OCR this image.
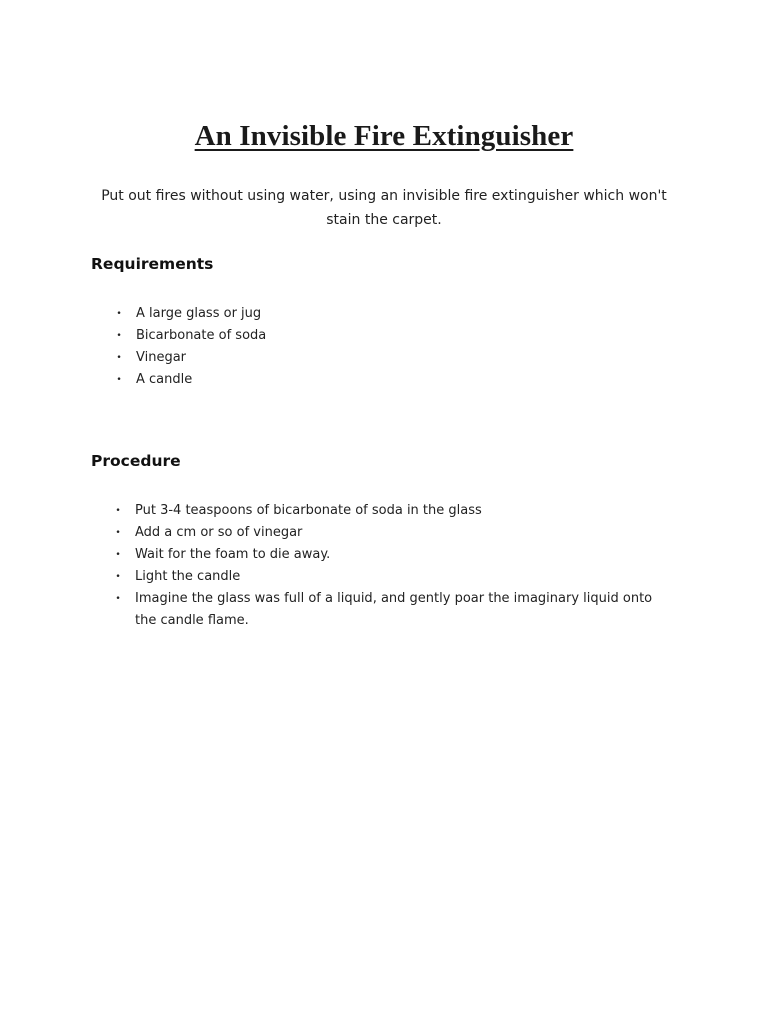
An Invisible Fire Extinguisher

Put out fires without using water, using an invisible fire extinguisher which won't stain the carpet.

Requirements
• A large glass or jug
• Bicarbonate of soda
• Vinegar
• A candle
Procedure
• Put 3-4 teaspoons of bicarbonate of soda in the glass
• Add a cm or so of vinegar
• Wait for the foam to die away.
• Light the candle
• Imagine the glass was full of a liquid, and gently poar the imaginary liquid onto the candle flame.
